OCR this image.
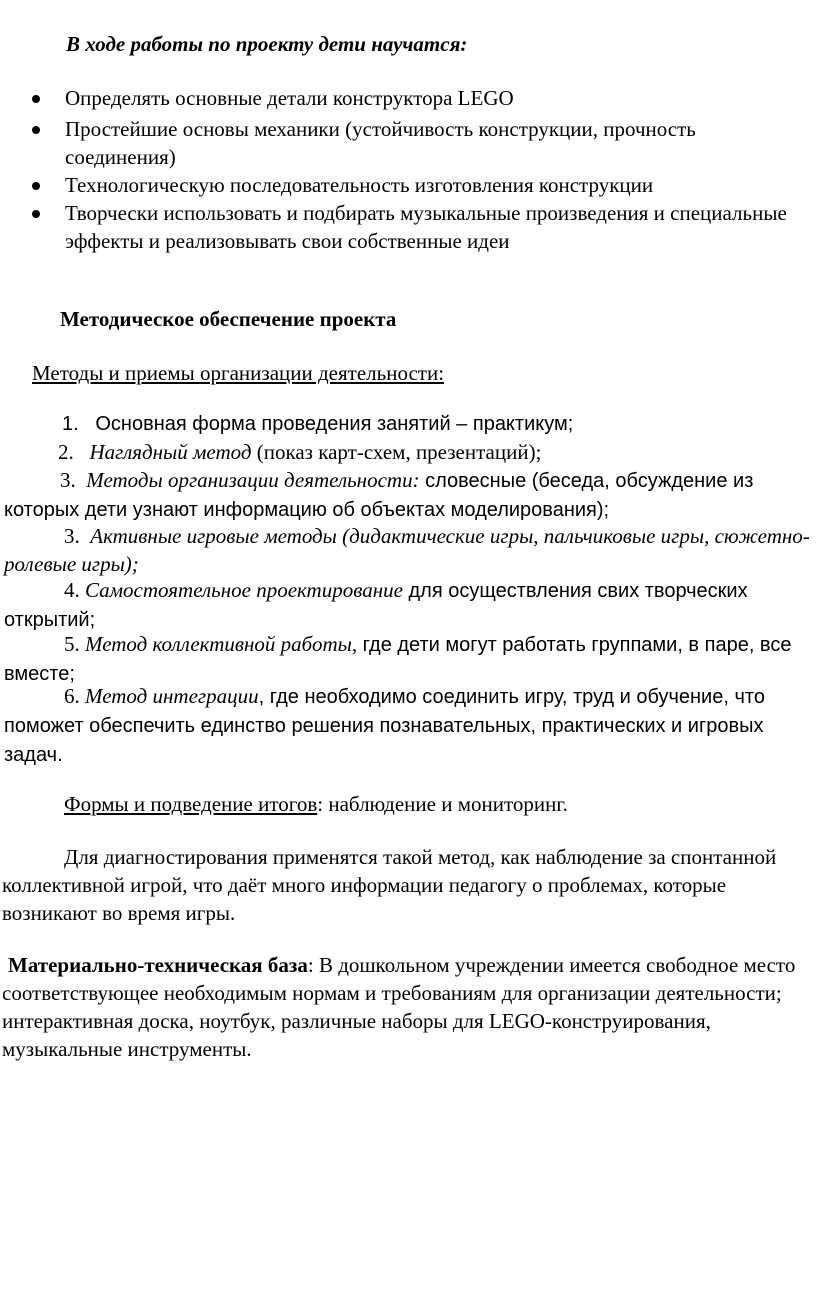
В ходе работы по проекту дети научатся:
Определять основные детали конструктора LEGO
Простейшие основы механики (устойчивость конструкции, прочность соединения)
Технологическую последовательность изготовления конструкции
Творчески использовать и подбирать музыкальные произведения и специальные эффекты и реализовывать свои собственные идеи
Методическое обеспечение проекта
Методы и приемы организации деятельности:
1. Основная форма проведения занятий – практикум;
2. Наглядный метод (показ карт-схем, презентаций);
3. Методы организации деятельности: словесные (беседа, обсуждение из которых дети узнают информацию об объектах моделирования);
3. Активные игровые методы (дидактические игры, пальчиковые игры, сюжетно-ролевые игры);
4. Самостоятельное проектирование для осуществления свих творческих открытий;
5. Метод коллективной работы, где дети могут работать группами, в паре, все вместе;
6. Метод интеграции, где необходимо соединить игру, труд и обучение, что поможет обеспечить единство решения познавательных, практических и игровых задач.
Формы и подведение итогов: наблюдение и мониторинг.
Для диагностирования применятся такой метод, как наблюдение за спонтанной коллективной игрой, что даёт много информации педагогу о проблемах, которые возникают во время игры.
Материально-техническая база: В дошкольном учреждении имеется свободное место соответствующее необходимым нормам и требованиям для организации деятельности; интерактивная доска, ноутбук, различные наборы для LEGO-конструирования, музыкальные инструменты.
